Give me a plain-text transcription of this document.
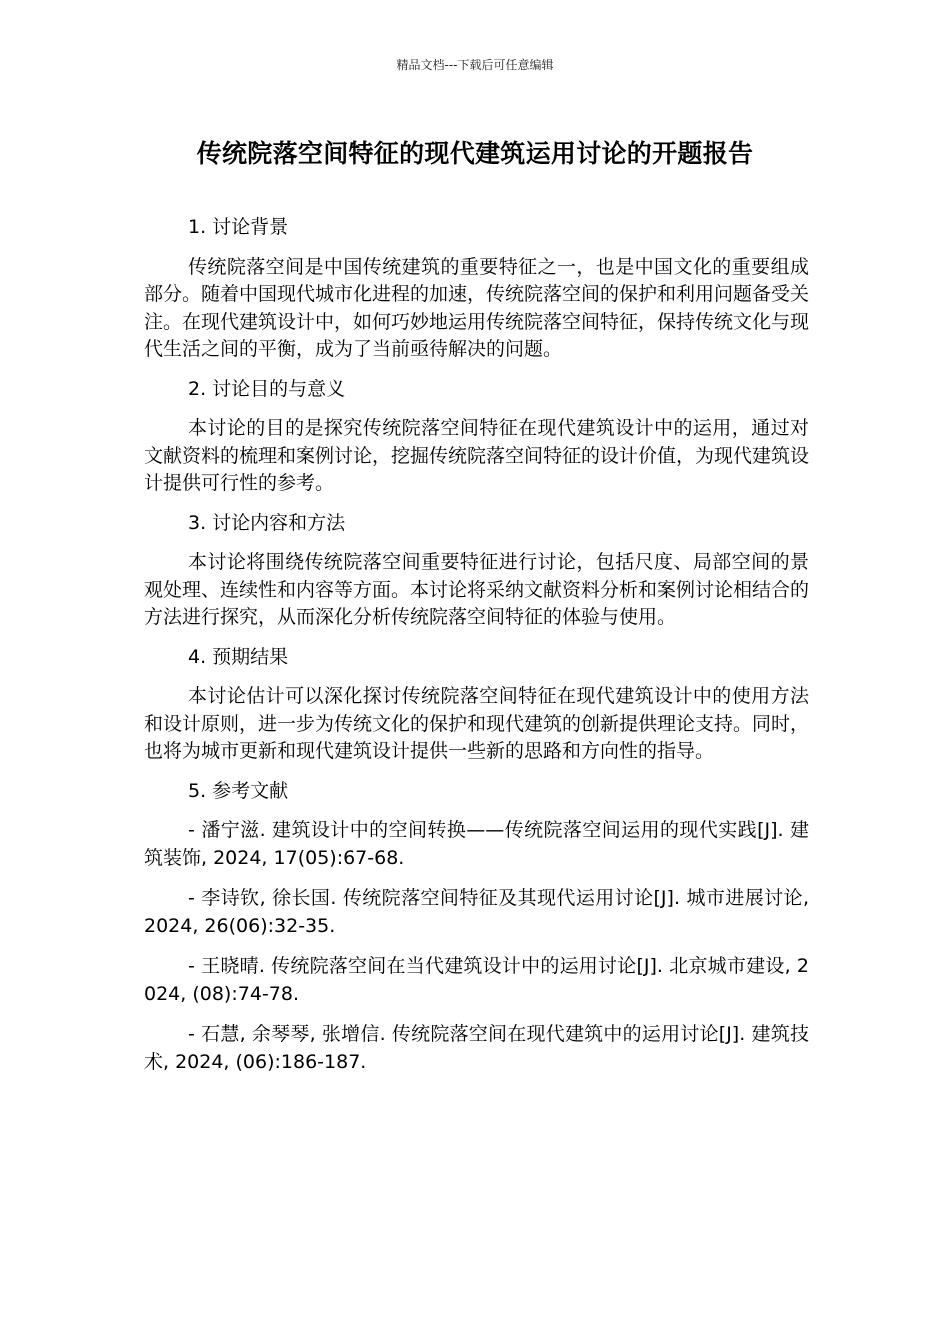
精品文档---下载后可任意编辑
传统院落空间特征的现代建筑运用讨论的开题报告

1. 讨论背景

传统院落空间是中国传统建筑的重要特征之一，也是中国文化的重要组成部分。随着中国现代城市化进程的加速，传统院落空间的保护和利用问题备受关注。在现代建筑设计中，如何巧妙地运用传统院落空间特征，保持传统文化与现代生活之间的平衡，成为了当前亟待解决的问题。

2. 讨论目的与意义

本讨论的目的是探究传统院落空间特征在现代建筑设计中的运用，通过对文献资料的梳理和案例讨论，挖掘传统院落空间特征的设计价值，为现代建筑设计提供可行性的参考。

3. 讨论内容和方法

本讨论将围绕传统院落空间重要特征进行讨论，包括尺度、局部空间的景观处理、连续性和内容等方面。本讨论将采纳文献资料分析和案例讨论相结合的方法进行探究，从而深化分析传统院落空间特征的体验与使用。

4. 预期结果

本讨论估计可以深化探讨传统院落空间特征在现代建筑设计中的使用方法和设计原则，进一步为传统文化的保护和现代建筑的创新提供理论支持。同时，也将为城市更新和现代建筑设计提供一些新的思路和方向性的指导。

5. 参考文献

- 潘宁滋. 建筑设计中的空间转换——传统院落空间运用的现代实践[J]. 建筑装饰, 2024, 17(05):67-68.
- 李诗钦, 徐长国. 传统院落空间特征及其现代运用讨论[J]. 城市进展讨论, 2024, 26(06):32-35.
- 王晓晴. 传统院落空间在当代建筑设计中的运用讨论[J]. 北京城市建设, 2024, (08):74-78.
- 石慧, 余琴琴, 张增信. 传统院落空间在现代建筑中的运用讨论[J]. 建筑技术, 2024, (06):186-187.
